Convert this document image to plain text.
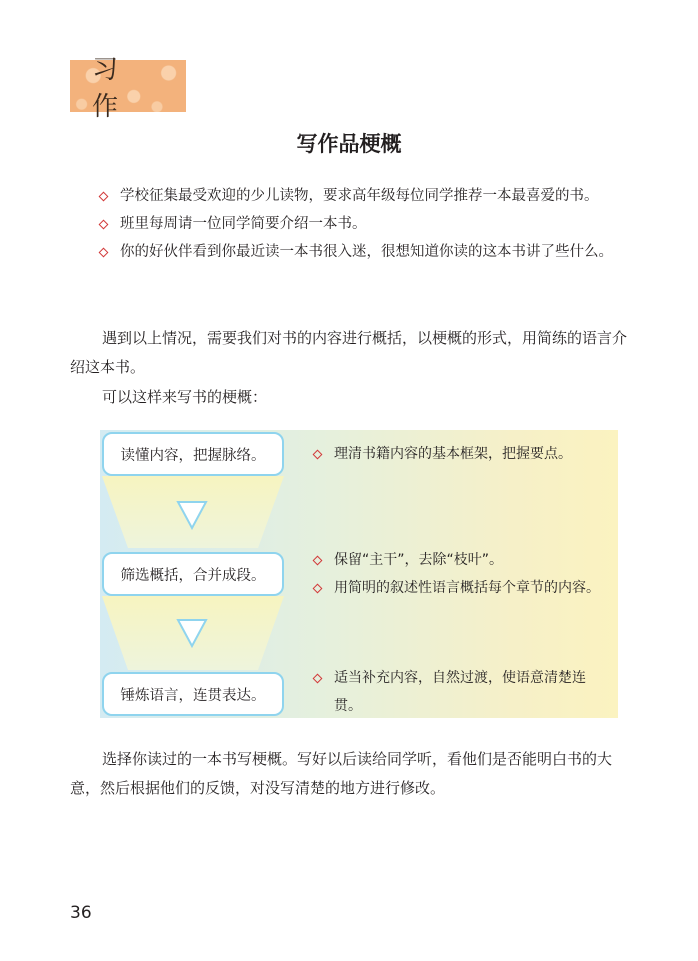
习作
写作品梗概
学校征集最受欢迎的少儿读物，要求高年级每位同学推荐一本最喜爱的书。
班里每周请一位同学简要介绍一本书。
你的好伙伴看到你最近读一本书很入迷，很想知道你读的这本书讲了些什么。
遇到以上情况，需要我们对书的内容进行概括，以梗概的形式，用简练的语言介绍这本书。
可以这样来写书的梗概：
读懂内容，把握脉络。
筛选概括，合并成段。
锤炼语言，连贯表达。
理清书籍内容的基本框架，把握要点。
保留“主干”，去除“枝叶”。
用简明的叙述性语言概括每个章节的内容。
适当补充内容，自然过渡，使语意清楚连贯。
选择你读过的一本书写梗概。写好以后读给同学听，看他们是否能明白书的大意，然后根据他们的反馈，对没写清楚的地方进行修改。
36
